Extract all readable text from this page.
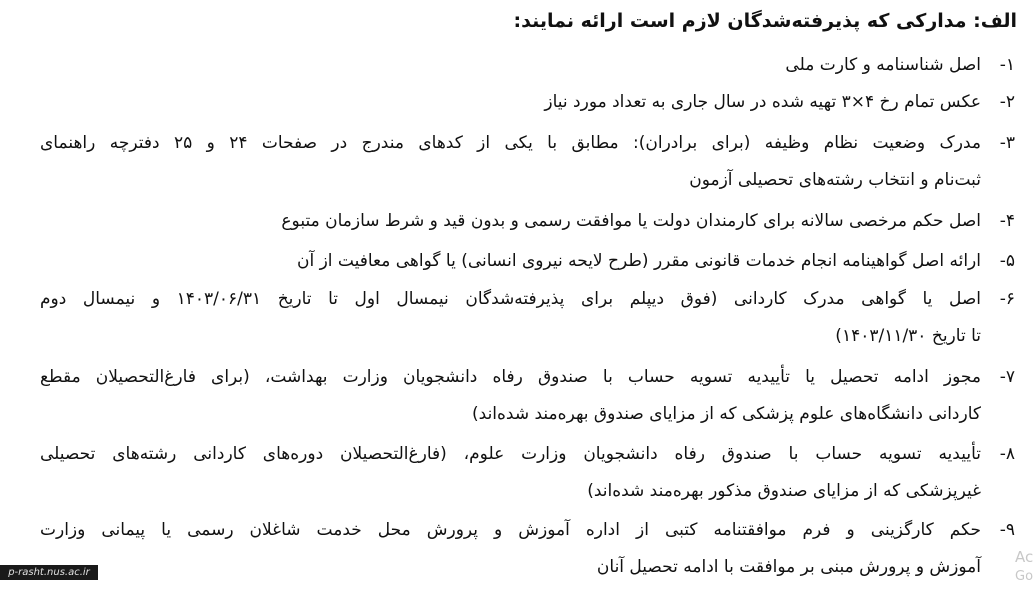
الف: مدارکی که پذیرفته‌شدگان لازم است ارائه نمایند:
۱-
اصل شناسنامه و کارت ملی
۲-
عکس تمام رخ ۴×۳ تهیه شده در سال جاری به تعداد مورد نیاز
۳-
مدرک وضعیت نظام وظیفه (برای برادران): مطابق با یکی از کدهای مندرج در صفحات ۲۴ و ۲۵ دفترچه راهنمای
ثبت‌نام و انتخاب رشته‌های تحصیلی آزمون
۴-
اصل حکم مرخصی سالانه برای کارمندان دولت یا موافقت رسمی و بدون قید و شرط سازمان متبوع
۵-
ارائه اصل گواهینامه انجام خدمات قانونی مقرر (طرح لایحه نیروی انسانی) یا گواهی معافیت از آن
۶-
اصل یا گواهی مدرک کاردانی (فوق دیپلم برای پذیرفته‌شدگان نیمسال اول تا تاریخ ۱۴۰۳/۰۶/۳۱ و نیمسال دوم
تا تاریخ ۱۴۰۳/۱۱/۳۰)
۷-
مجوز ادامه تحصیل یا تأییدیه تسویه حساب با صندوق رفاه دانشجویان وزارت بهداشت، (برای فارغ‌التحصیلان مقطع
کاردانی دانشگاه‌های علوم پزشکی که از مزایای صندوق بهره‌مند شده‌اند)
۸-
تأییدیه تسویه حساب با صندوق رفاه دانشجویان وزارت علوم، (فارغ‌التحصیلان دوره‌های کاردانی رشته‌های تحصیلی
غیرپزشکی که از مزایای صندوق مذکور بهره‌مند شده‌اند)
۹-
حکم کارگزینی و فرم موافقتنامه کتبی از اداره آموزش و پرورش محل خدمت شاغلان رسمی یا پیمانی وزارت
آموزش و پرورش مبنی بر موافقت با ادامه تحصیل آنان
p-rasht.nus.ac.ir
Ac
Go
